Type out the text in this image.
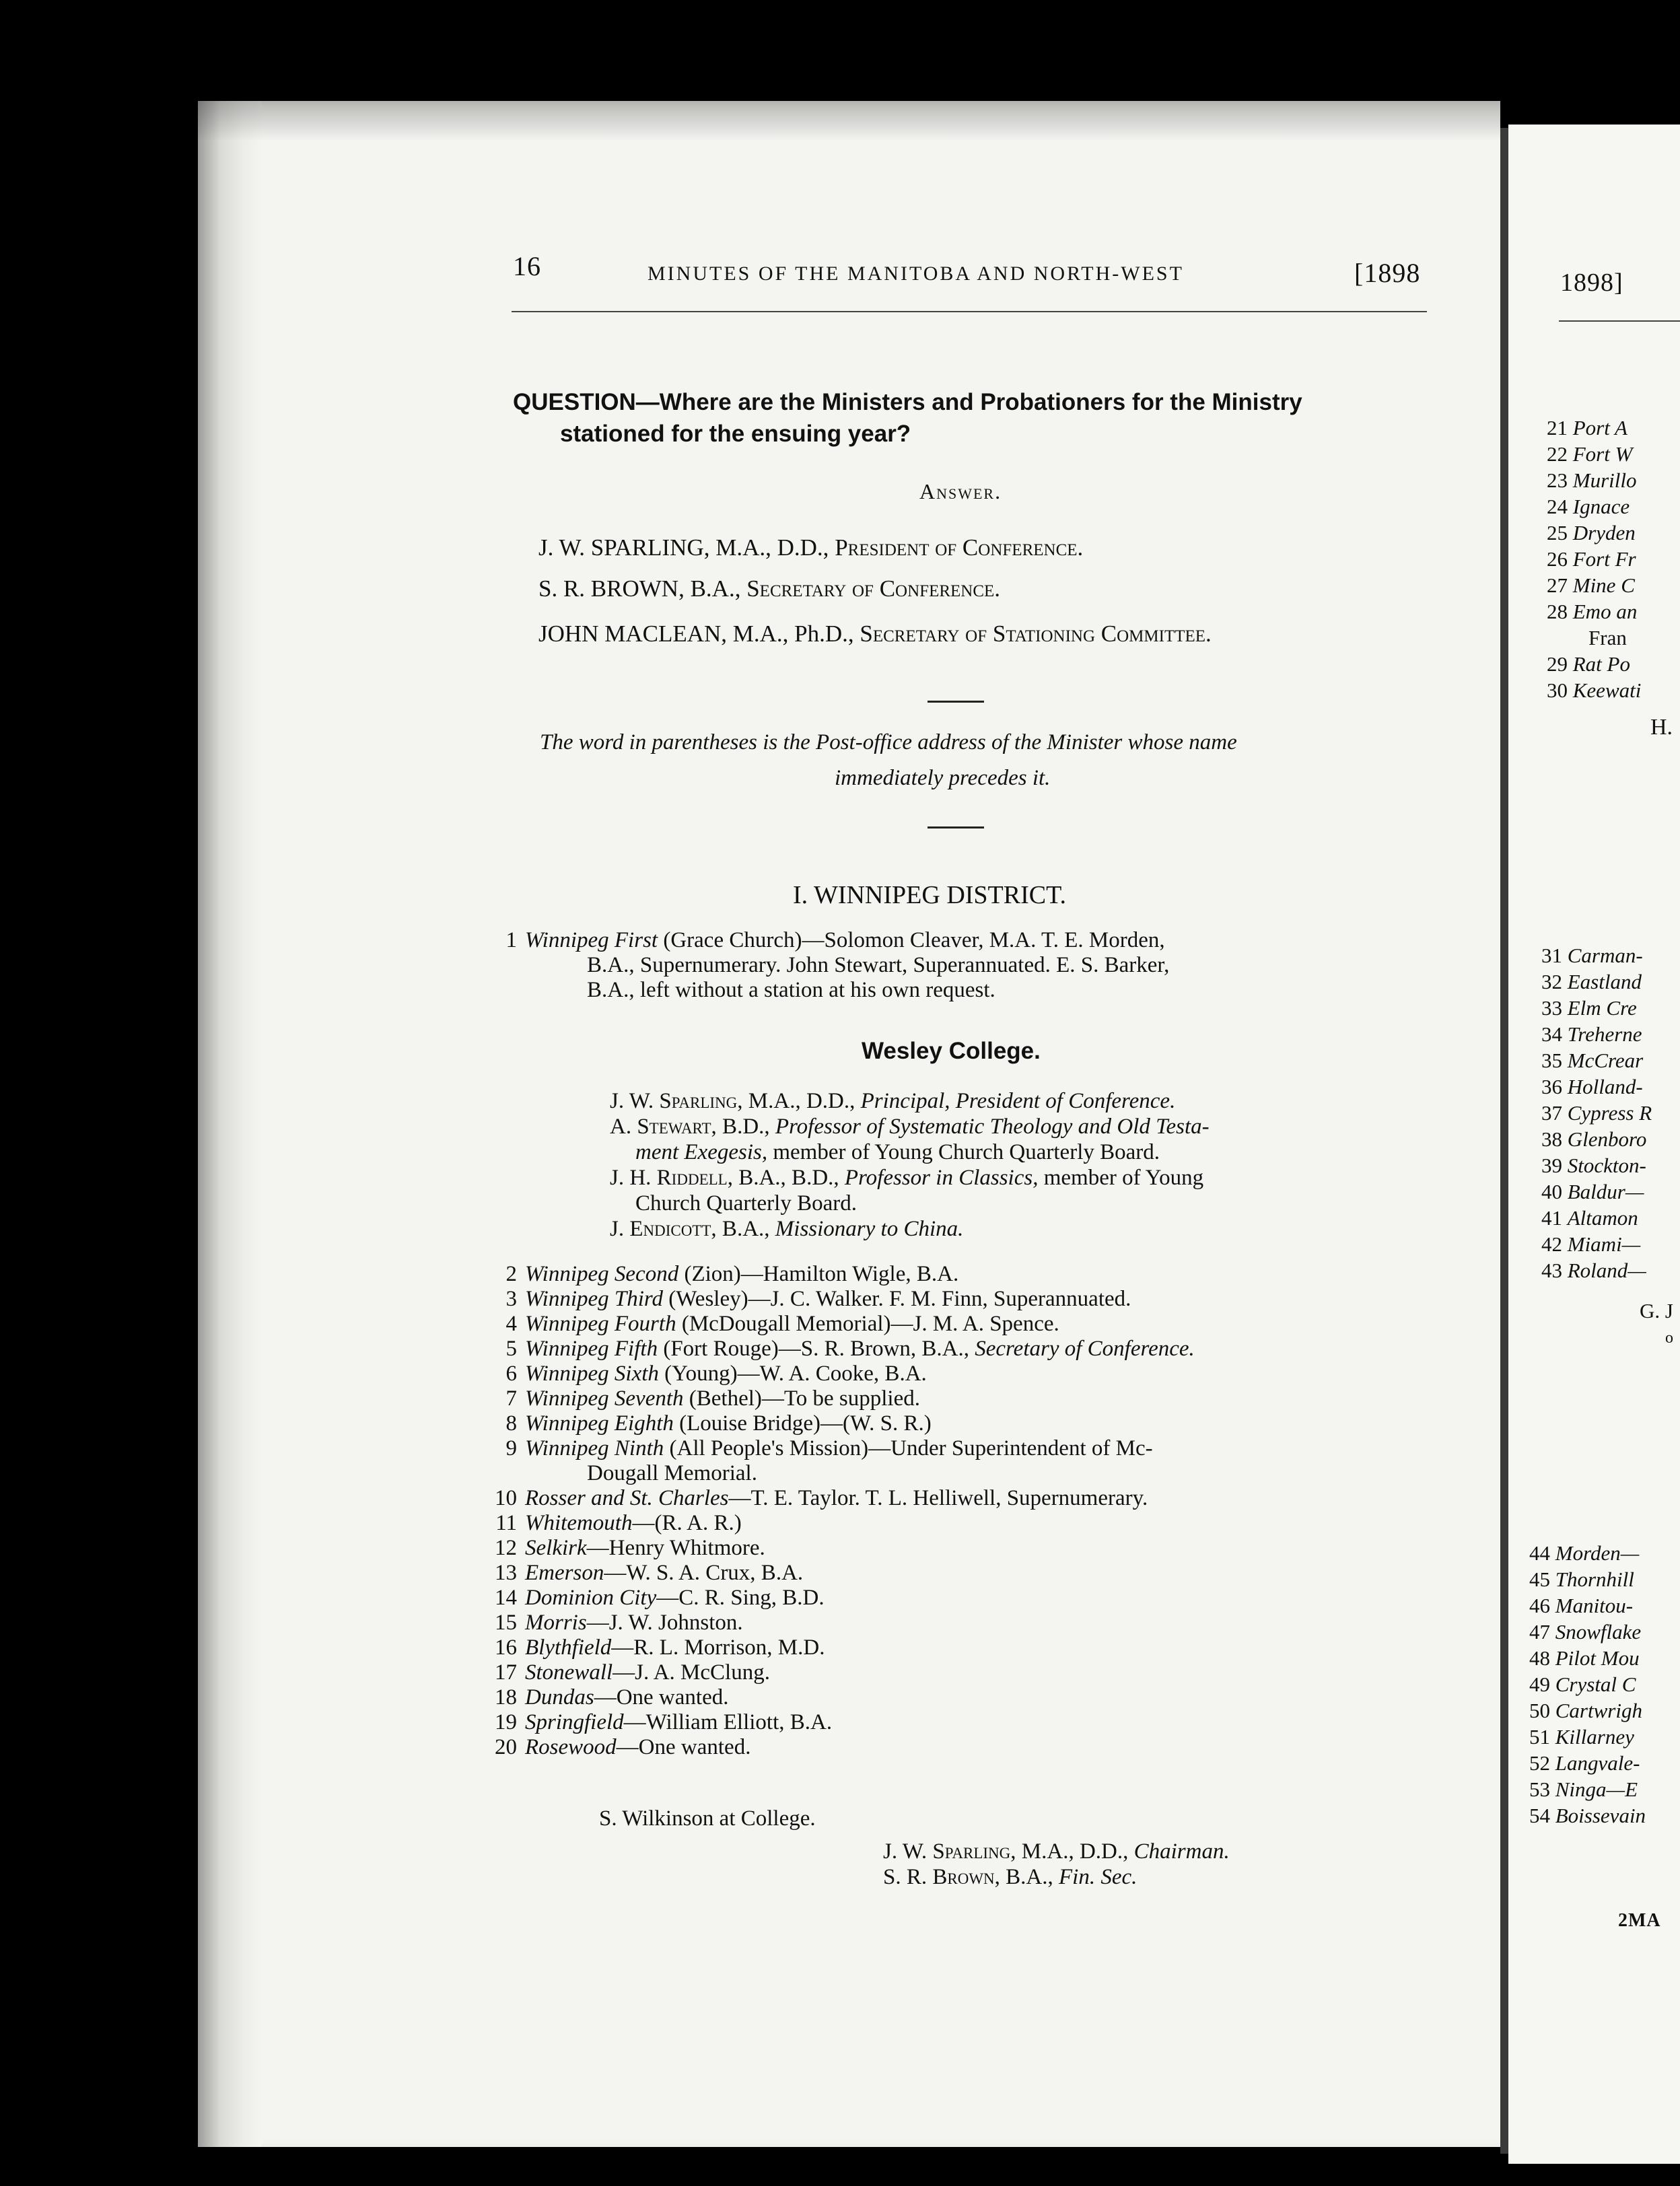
16	MINUTES OF THE MANITOBA AND NORTH-WEST	[1898
QUESTION—Where are the Ministers and Probationers for the Ministry
stationed for the ensuing year?
Answer.
J. W. SPARLING, M.A., D.D., President of Conference.
S. R. BROWN, B.A., Secretary of Conference.
JOHN MACLEAN, M.A., Ph.D., Secretary of Stationing Committee.
The word in parentheses is the Post-office address of the Minister whose name
immediately precedes it.
I. WINNIPEG DISTRICT.
1 Winnipeg First (Grace Church)—Solomon Cleaver, M.A. T. E. Morden,
B.A., Supernumerary. John Stewart, Superannuated. E. S. Barker,
B.A., left without a station at his own request.
Wesley College.
J. W. Sparling, M.A., D.D., Principal, President of Conference.
A. Stewart, B.D., Professor of Systematic Theology and Old Testa-
ment Exegesis, member of Young Church Quarterly Board.
J. H. Riddell, B.A., B.D., Professor in Classics, member of Young
Church Quarterly Board.
J. Endicott, B.A., Missionary to China.
2 Winnipeg Second (Zion)—Hamilton Wigle, B.A.
3 Winnipeg Third (Wesley)—J. C. Walker. F. M. Finn, Superannuated.
4 Winnipeg Fourth (McDougall Memorial)—J. M. A. Spence.
5 Winnipeg Fifth (Fort Rouge)—S. R. Brown, B.A., Secretary of Conference.
6 Winnipeg Sixth (Young)—W. A. Cooke, B.A.
7 Winnipeg Seventh (Bethel)—To be supplied.
8 Winnipeg Eighth (Louise Bridge)—(W. S. R.)
9 Winnipeg Ninth (All People's Mission)—Under Superintendent of Mc-
Dougall Memorial.
10 Rosser and St. Charles—T. E. Taylor. T. L. Helliwell, Supernumerary.
11 Whitemouth—(R. A. R.)
12 Selkirk—Henry Whitmore.
13 Emerson—W. S. A. Crux, B.A.
14 Dominion City—C. R. Sing, B.D.
15 Morris—J. W. Johnston.
16 Blythfield—R. L. Morrison, M.D.
17 Stonewall—J. A. McClung.
18 Dundas—One wanted.
19 Springfield—William Elliott, B.A.
20 Rosewood—One wanted.
S. Wilkinson at College.
J. W. Sparling, M.A., D.D., Chairman.
S. R. Brown, B.A., Fin. Sec.
1898]
21 Port A
22 Fort W
23 Murillo
24 Ignace
25 Dryden
26 Fort Fr
27 Mine C
28 Emo an
Fran
29 Rat Po
30 Keewati
H.
31 Carman-
32 Eastland
33 Elm Cre
34 Treherne
35 McCrear
36 Holland-
37 Cypress R
38 Glenboro
39 Stockton-
40 Baldur—
41 Altamon
42 Miami—
43 Roland—
G. J
o
44 Morden—
45 Thornhill
46 Manitou-
47 Snowflake
48 Pilot Mou
49 Crystal C
50 Cartwrigh
51 Killarney
52 Langvale-
53 Ninga—E
54 Boissevain
2MA
